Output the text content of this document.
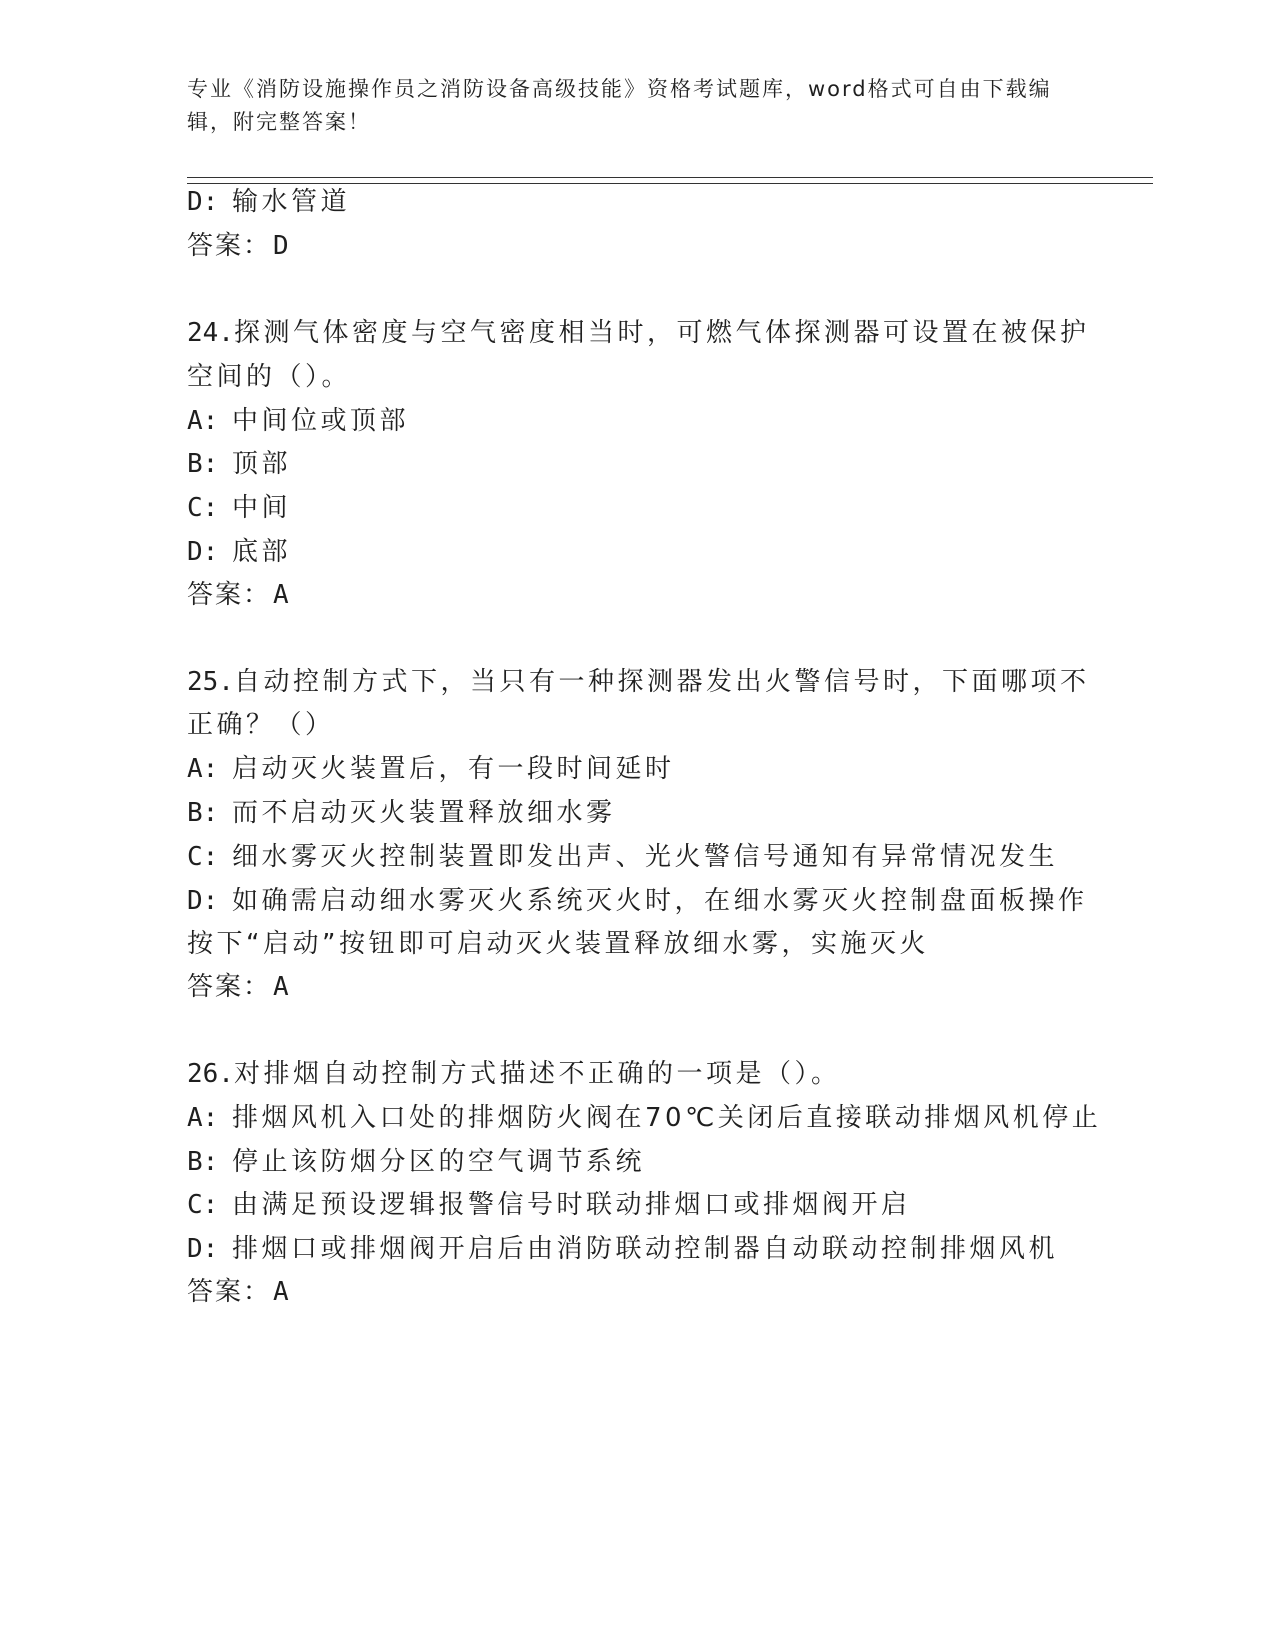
专业《消防设施操作员之消防设备高级技能》资格考试题库，word格式可自由下载编辑，附完整答案！
D: 输水管道
答案：D
24.探测气体密度与空气密度相当时，可燃气体探测器可设置在被保护
空间的（）。
A: 中间位或顶部
B: 顶部
C: 中间
D: 底部
答案：A
25.自动控制方式下，当只有一种探测器发出火警信号时，下面哪项不
正确？（）
A: 启动灭火装置后，有一段时间延时
B: 而不启动灭火装置释放细水雾
C: 细水雾灭火控制装置即发出声、光火警信号通知有异常情况发生
D: 如确需启动细水雾灭火系统灭火时，在细水雾灭火控制盘面板操作
按下“启动”按钮即可启动灭火装置释放细水雾，实施灭火
答案：A
26.对排烟自动控制方式描述不正确的一项是（）。
A: 排烟风机入口处的排烟防火阀在70℃关闭后直接联动排烟风机停止
B: 停止该防烟分区的空气调节系统
C: 由满足预设逻辑报警信号时联动排烟口或排烟阀开启
D: 排烟口或排烟阀开启后由消防联动控制器自动联动控制排烟风机
答案：A
